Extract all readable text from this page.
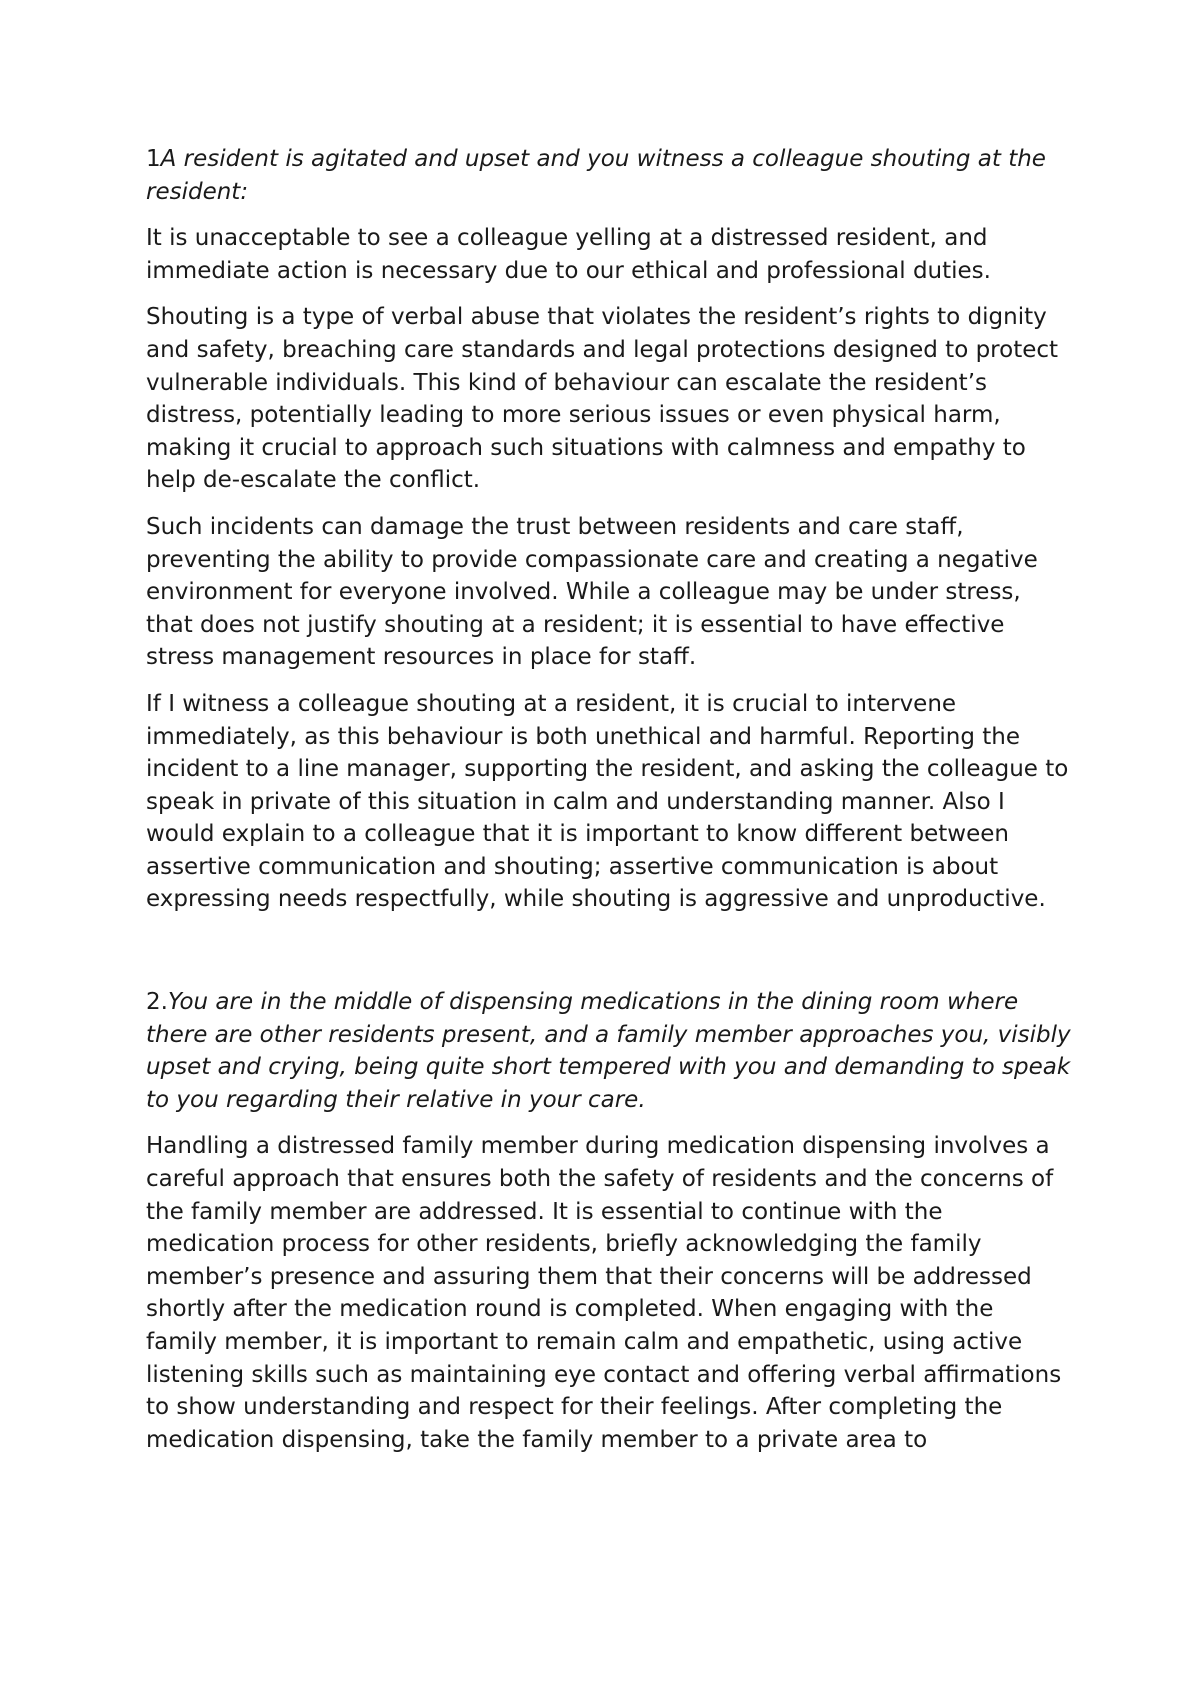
1A resident is agitated and upset and you witness a colleague shouting at the resident:
It is unacceptable to see a colleague yelling at a distressed resident, and immediate action is necessary due to our ethical and professional duties.
Shouting is a type of verbal abuse that violates the resident’s rights to dignity and safety, breaching care standards and legal protections designed to protect vulnerable individuals. This kind of behaviour can escalate the resident’s distress, potentially leading to more serious issues or even physical harm, making it crucial to approach such situations with calmness and empathy to help de-escalate the conflict.
Such incidents can damage the trust between residents and care staff, preventing the ability to provide compassionate care and creating a negative environment for everyone involved. While a colleague may be under stress, that does not justify shouting at a resident; it is essential to have effective stress management resources in place for staff.
If I witness a colleague shouting at a resident, it is crucial to intervene immediately, as this behaviour is both unethical and harmful. Reporting the incident to a line manager, supporting the resident, and asking the colleague to speak in private of this situation in calm and understanding manner. Also I would explain to a colleague that it is important to know different between assertive communication and shouting; assertive communication is about expressing needs respectfully, while shouting is aggressive and unproductive.
2.You are in the middle of dispensing medications in the dining room where there are other residents present, and a family member approaches you, visibly upset and crying, being quite short tempered with you and demanding to speak to you regarding their relative in your care.
Handling a distressed family member during medication dispensing involves a careful approach that ensures both the safety of residents and the concerns of the family member are addressed. It is essential to continue with the medication process for other residents, briefly acknowledging the family member’s presence and assuring them that their concerns will be addressed shortly after the medication round is completed. When engaging with the family member, it is important to remain calm and empathetic, using active listening skills such as maintaining eye contact and offering verbal affirmations to show understanding and respect for their feelings. After completing the medication dispensing, take the family member to a private area to
